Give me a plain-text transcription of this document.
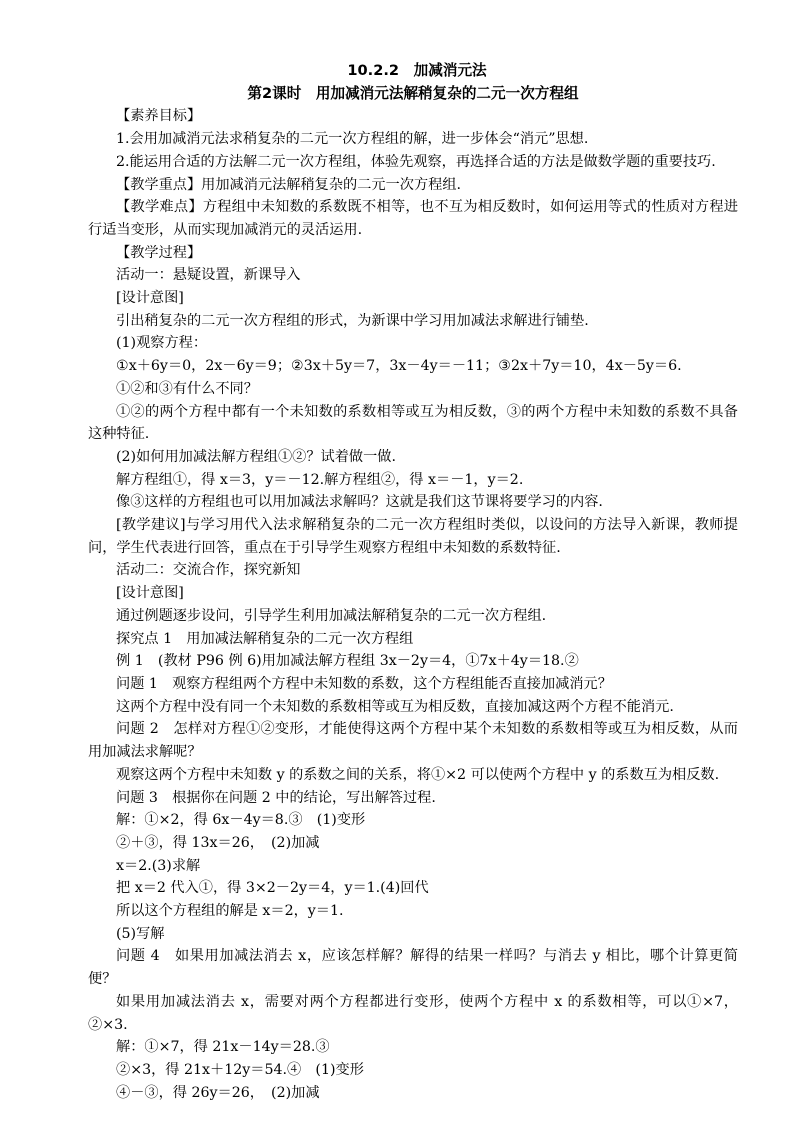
10.2.2　加减消元法

第2课时　用加减消元法解稍复杂的二元一次方程组

【素养目标】

1.会用加减消元法求稍复杂的二元一次方程组的解，进一步体会“消元”思想.

2.能运用合适的方法解二元一次方程组，体验先观察，再选择合适的方法是做数学题的重要技巧.

【教学重点】用加减消元法解稍复杂的二元一次方程组.

【教学难点】方程组中未知数的系数既不相等，也不互为相反数时，如何运用等式的性质对方程进行适当变形，从而实现加减消元的灵活运用.

【教学过程】

活动一：悬疑设置，新课导入

[设计意图]

引出稍复杂的二元一次方程组的形式，为新课中学习用加减法求解进行铺垫.

(1)观察方程：

①x＋6y＝0，2x－6y＝9；②3x＋5y＝7，3x－4y＝－11；③2x＋7y＝10，4x－5y＝6.

①②和③有什么不同？

①②的两个方程中都有一个未知数的系数相等或互为相反数，③的两个方程中未知数的系数不具备这种特征.

(2)如何用加减法解方程组①②？试着做一做.

解方程组①，得 x＝3，y＝－12.解方程组②，得 x＝－1，y＝2.

像③这样的方程组也可以用加减法求解吗？这就是我们这节课将要学习的内容.

[教学建议]与学习用代入法求解稍复杂的二元一次方程组时类似，以设问的方法导入新课，教师提问，学生代表进行回答，重点在于引导学生观察方程组中未知数的系数特征.

活动二：交流合作，探究新知

[设计意图]

通过例题逐步设问，引导学生利用加减法解稍复杂的二元一次方程组.

探究点 1　用加减法解稍复杂的二元一次方程组

例 1　(教材 P96 例 6)用加减法解方程组 3x－2y＝4，①7x＋4y＝18.②

问题 1　观察方程组两个方程中未知数的系数，这个方程组能否直接加减消元？

这两个方程中没有同一个未知数的系数相等或互为相反数，直接加减这两个方程不能消元.

问题 2　怎样对方程①②变形，才能使得这两个方程中某个未知数的系数相等或互为相反数，从而用加减法求解呢？

观察这两个方程中未知数 y 的系数之间的关系，将①×2 可以使两个方程中 y 的系数互为相反数.

问题 3　根据你在问题 2 中的结论，写出解答过程.

解：①×2，得 6x－4y＝8.③　(1)变形

②＋③，得 13x＝26，　(2)加减

x＝2.(3)求解

把 x＝2 代入①，得 3×2－2y＝4，y＝1.(4)回代

所以这个方程组的解是 x＝2，y＝1.

(5)写解

问题 4　如果用加减法消去 x，应该怎样解？解得的结果一样吗？与消去 y 相比，哪个计算更简便？

如果用加减法消去 x，需要对两个方程都进行变形，使两个方程中 x 的系数相等，可以①×7，②×3.

解：①×7，得 21x－14y＝28.③

②×3，得 21x＋12y＝54.④　(1)变形

④－③，得 26y＝26，　(2)加减
